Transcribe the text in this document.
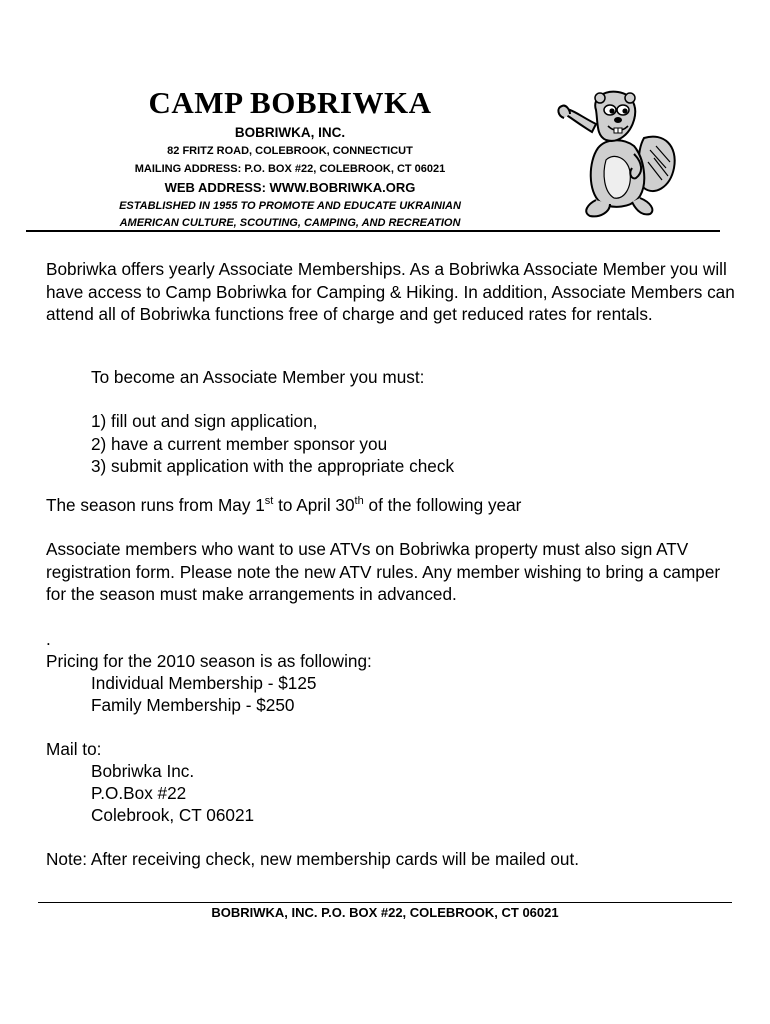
CAMP BOBRIWKA
BOBRIWKA, INC.
82 FRITZ ROAD, COLEBROOK, CONNECTICUT
MAILING ADDRESS: P.O. BOX #22, COLEBROOK, CT 06021
WEB ADDRESS: WWW.BOBRIWKA.ORG
ESTABLISHED IN 1955 TO PROMOTE AND EDUCATE UKRAINIAN
AMERICAN CULTURE, SCOUTING, CAMPING, AND RECREATION

Bobriwka offers yearly Associate Memberships. As a Bobriwka Associate Member you will have access to Camp Bobriwka for Camping & Hiking. In addition, Associate Members can attend all of Bobriwka functions free of charge and get reduced rates for rentals.

To become an Associate Member you must:

1) fill out and sign application,

2) have a current member sponsor you

3) submit application with the appropriate check

The season runs from May 1st to April 30th of the following year

Associate members who want to use ATVs on Bobriwka property must also sign ATV registration form. Please note the new ATV rules. Any member wishing to bring a camper for the season must make arrangements in advanced.

.

Pricing for the 2010 season is as following:

Individual Membership - $125

Family Membership - $250

Mail to:

Bobriwka Inc.

P.O.Box #22

Colebrook, CT 06021

Note: After receiving check, new membership cards will be mailed out.

BOBRIWKA, INC. P.O. BOX #22, COLEBROOK, CT 06021
